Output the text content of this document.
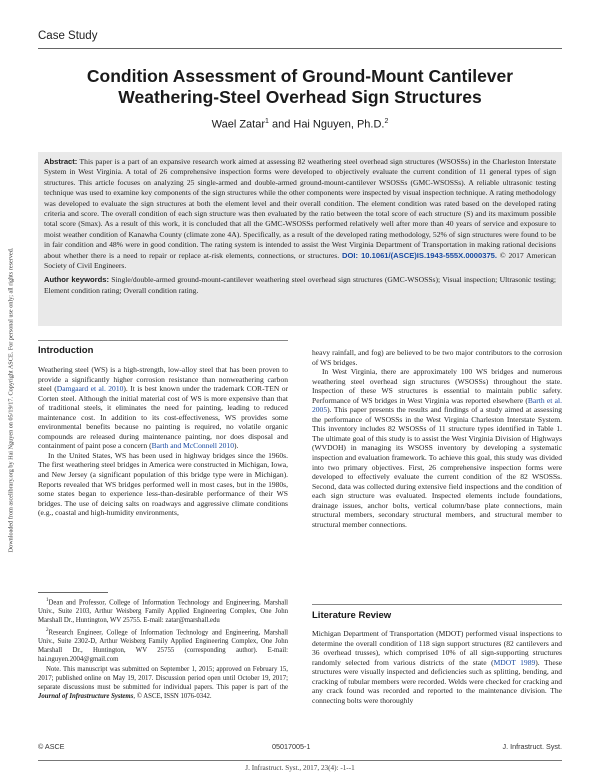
Case Study
Condition Assessment of Ground-Mount Cantilever
Weathering-Steel Overhead Sign Structures
Wael Zatar$^1$ and Hai Nguyen, Ph.D.$^2$

Abstract: This paper is a part of an expansive research work aimed at assessing 82 weathering steel overhead sign structures (WSOSSs) in the Charleston Interstate System in West Virginia. A total of 26 comprehensive inspection forms were developed to objectively evaluate the current condition of 11 general types of sign structures. This article focuses on analyzing 25 single-armed and double-armed ground-mount-cantilever WSOSSs (GMC-WSOSSs). A reliable ultrasonic testing technique was used to examine key components of the sign structures while the other components were inspected by visual inspection technique. A rating methodology was developed to evaluate the sign structures at both the element level and their overall condition. The element condition was rated based on the developed rating criteria and score. The overall condition of each sign structure was then evaluated by the ratio between the total score of each structure (S) and its maximum possible total score (Smax). As a result of this work, it is concluded that all the GMC-WSOSSs performed relatively well after more than 40 years of service and exposure to moist weather condition of Kanawha County (climate zone 4A). Specifically, as a result of the developed rating methodology, 52% of sign structures were found to be in fair condition and 48% were in good condition. The rating system is intended to assist the West Virginia Department of Transportation in making rational decisions about whether there is a need to repair or replace at-risk elements, connections, or structures. DOI: 10.1061/(ASCE)IS.1943-555X.0000375. © 2017 American Society of Civil Engineers.

Author keywords: Single/double-armed ground-mount-cantilever weathering steel overhead sign structures (GMC-WSOSSs); Visual inspection; Ultrasonic testing; Element condition rating; Overall condition rating.

Downloaded from ascelibrary.org by Hai Nguyen on 05/19/17. Copyright ASCE. For personal use only; all rights reserved. Introduction

Weathering steel (WS) is a high-strength, low-alloy steel that has been proven to provide a significantly higher corrosion resistance than nonweathering carbon steel (Damgaard et al. 2010). It is best known under the trademark COR-TEN or Corten steel. Although the initial material cost of WS is more expensive than that of traditional steels, it eliminates the need for painting, leading to reduced maintenance cost. In addition to its cost-effectiveness, WS provides some environmental benefits because no painting is required, no volatile organic compounds are released during maintenance painting, nor does disposal and containment of paint pose a concern (Barth and McConnell 2010).

In the United States, WS has been used in highway bridges since the 1960s. The first weathering steel bridges in America were constructed in Michigan, Iowa, and New Jersey (a significant population of this bridge type were in Michigan). Reports revealed that WS bridges performed well in most cases, but in the 1980s, some states began to experience less-than-desirable performance of their WS bridges. The use of deicing salts on roadways and aggressive climate conditions (e.g., coastal and high-humidity environments,

$^1$Dean and Professor, College of Information Technology and Engineering, Marshall Univ., Suite 2103, Arthur Weisberg Family Applied Engineering Complex, One John Marshall Dr., Huntington, WV 25755. E-mail: zatar@marshall.edu

$^2$Research Engineer, College of Information Technology and Engineering, Marshall Univ., Suite 2302-D, Arthur Weisberg Family Applied Engineering Complex, One John Marshall Dr., Huntington, WV 25755 (corresponding author). E-mail: hai.nguyen.2004@gmail.com

Note. This manuscript was submitted on September 1, 2015; approved on February 15, 2017; published online on May 19, 2017. Discussion period open until October 19, 2017; separate discussions must be submitted for individual papers. This paper is part of the Journal of Infrastructure Systems, © ASCE, ISSN 1076-0342.

heavy rainfall, and fog) are believed to be two major contributors to the corrosion of WS bridges.

In West Virginia, there are approximately 100 WS bridges and numerous weathering steel overhead sign structures (WSOSSs) throughout the state. Inspection of these WS structures is essential to maintain public safety. Performance of WS bridges in West Virginia was reported elsewhere (Barth et al. 2005). This paper presents the results and findings of a study aimed at assessing the performance of WSOSSs in the West Virginia Charleston Interstate System. This inventory includes 82 WSOSSs of 11 structure types identified in Table 1. The ultimate goal of this study is to assist the West Virginia Division of Highways (WVDOH) in managing its WSOSS inventory by developing a systematic inspection and evaluation framework. To achieve this goal, this study was divided into two primary objectives. First, 26 comprehensive inspection forms were developed to effectively evaluate the current condition of the 82 WSOSSs. Second, data was collected during extensive field inspections and the condition of each sign structure was evaluated. Inspected elements include foundations, drainage issues, anchor bolts, vertical column/base plate connections, main structural members, secondary structural members, and structural member to structural member connections.

Literature Review

Michigan Department of Transportation (MDOT) performed visual inspections to determine the overall condition of 118 sign support structures (82 cantilevers and 36 overhead trusses), which comprised 10% of all sign-supporting structures randomly selected from various districts of the state (MDOT 1989). These structures were visually inspected and deficiencies such as splitting, bending, and cracking of tubular members were recorded. Welds were checked for cracking and any crack found was recorded and reported to the maintenance division. The connecting bolts were thoroughly

© ASCE	05017005-1	J. Infrastruct. Syst.
J. Infrastruct. Syst., 2017, 23(4): -1--1
